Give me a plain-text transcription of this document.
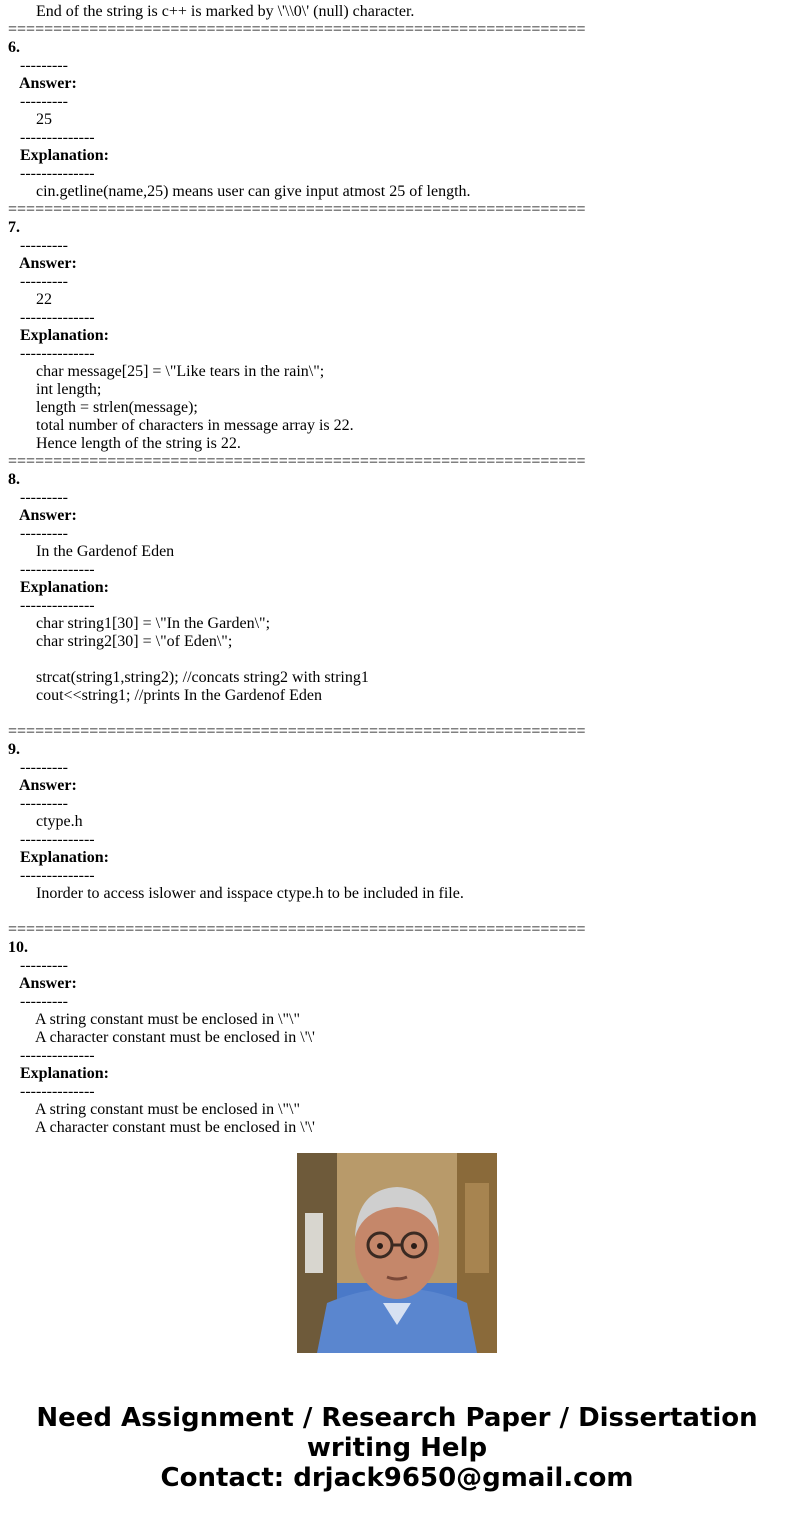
End of the string is c++ is marked by \'\\0\' (null) character.
================================================================
6.
---------
Answer:
---------
25
--------------
Explanation:
--------------
cin.getline(name,25) means user can give input atmost 25 of length.
================================================================
7.
---------
Answer:
---------
22
--------------
Explanation:
--------------
char message[25] = \"Like tears in the rain\";
int length;
length = strlen(message);
total number of characters in message array is 22.
Hence length of the string is 22.
================================================================
8.
---------
Answer:
---------
In the Gardenof Eden
--------------
Explanation:
--------------
char string1[30] = \"In the Garden\";
char string2[30] = \"of Eden\";
strcat(string1,string2); //concats string2 with string1
cout<<string1; //prints In the Gardenof Eden
================================================================
9.
---------
Answer:
---------
ctype.h
--------------
Explanation:
--------------
Inorder to access islower and isspace ctype.h to be included in file.
================================================================
10.
---------
Answer:
---------
A string constant must be enclosed in \"\"
A character constant must be enclosed in \'\'
--------------
Explanation:
--------------
A string constant must be enclosed in \"\"
A character constant must be enclosed in \'\'
Need Assignment / Research Paper / Dissertation
writing Help
Contact: drjack9650@gmail.com
